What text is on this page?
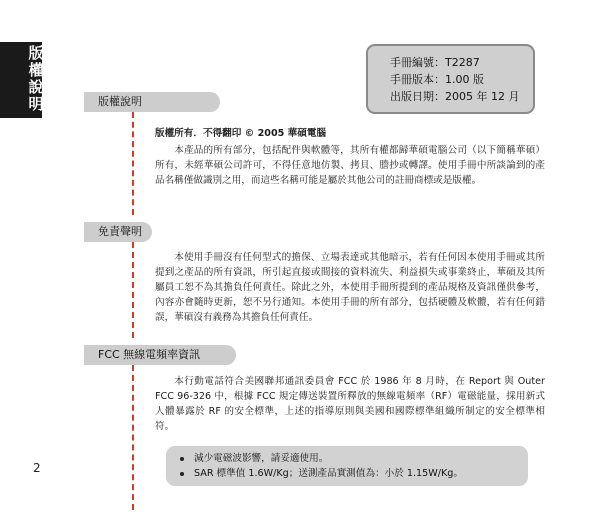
版權說明
2
手冊編號：T2287
手冊版本：1.00 版
出版日期：2005 年 12 月
版權說明
版權所有．不得翻印 © 2005 華碩電腦

本產品的所有部分，包括配件與軟體等，其所有權都歸華碩電腦公司（以下簡稱華碩）所有，未經華碩公司許可，不得任意地仿製、拷貝、謄抄或轉譯。使用手冊中所談論到的產品名稱僅做識別之用，而這些名稱可能是屬於其他公司的註冊商標或是版權。

免責聲明

本使用手冊沒有任何型式的擔保、立場表達或其他暗示，若有任何因本使用手冊或其所提到之產品的所有資訊，所引起直接或間接的資料流失、利益損失或事業終止，華碩及其所屬員工恕不為其擔負任何責任。除此之外，本使用手冊所提到的產品規格及資訊僅供參考，內容亦會隨時更新，恕不另行通知。本使用手冊的所有部分，包括硬體及軟體，若有任何錯誤，華碩沒有義務為其擔負任何責任。

FCC 無線電頻率資訊

本行動電話符合美國聯邦通訊委員會 FCC 於 1986 年 8 月時，在 Report 與 Outer FCC 96-326 中，根據 FCC 規定傳送裝置所釋放的無線電頻率（RF）電磁能量，採用新式人體暴露於 RF 的安全標準，上述的指導原則與美國和國際標準組織所制定的安全標準相符。

減少電磁波影響，請妥適使用。
SAR 標準值 1.6W/Kg；送測產品實測值為：小於 1.15W/Kg。
